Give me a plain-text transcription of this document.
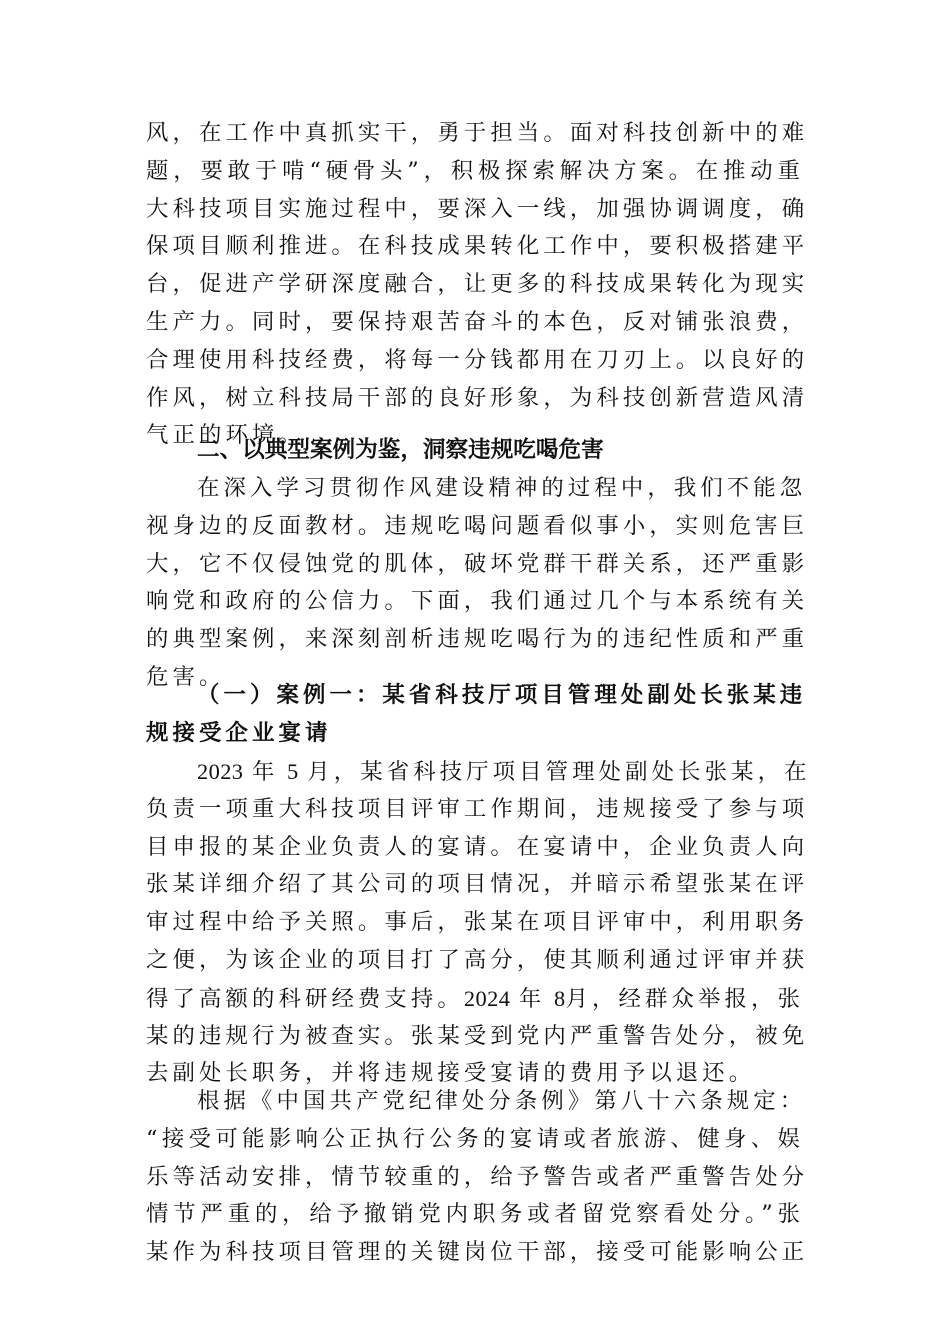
风，在工作中真抓实干，勇于担当。面对科技创新中的难
题，要敢于啃“硬骨头”，积极探索解决方案。在推动重
大科技项目实施过程中，要深入一线，加强协调调度，确
保项目顺利推进。在科技成果转化工作中，要积极搭建平
台，促进产学研深度融合，让更多的科技成果转化为现实
生产力。同时，要保持艰苦奋斗的本色，反对铺张浪费，
合理使用科技经费，将每一分钱都用在刀刃上。以良好的
作风，树立科技局干部的良好形象，为科技创新营造风清
气正的环境。
二、以典型案例为鉴，洞察违规吃喝危害
在深入学习贯彻作风建设精神的过程中，我们不能忽
视身边的反面教材。违规吃喝问题看似事小，实则危害巨
大，它不仅侵蚀党的肌体，破坏党群干群关系，还严重影
响党和政府的公信力。下面，我们通过几个与本系统有关
的典型案例，来深刻剖析违规吃喝行为的违纪性质和严重
危害。
（一）案例一：某省科技厅项目管理处副处长张某违
规接受企业宴请
2023  年  5  月，某省科技厅项目管理处副处长张某，在
负责一项重大科技项目评审工作期间，违规接受了参与项
目申报的某企业负责人的宴请。在宴请中，企业负责人向
张某详细介绍了其公司的项目情况，并暗示希望张某在评
审过程中给予关照。事后，张某在项目评审中，利用职务
之便，为该企业的项目打了高分，使其顺利通过评审并获
得了高额的科研经费支持。2024  年  8月，经群众举报，张
某的违规行为被查实。张某受到党内严重警告处分，被免
去副处长职务，并将违规接受宴请的费用予以退还。
根据《中国共产党纪律处分条例》第八十六条规定：
“接受可能影响公正执行公务的宴请或者旅游、健身、娱
乐等活动安排，情节较重的，给予警告或者严重警告处分
情节严重的，给予撤销党内职务或者留党察看处分。”张
某作为科技项目管理的关键岗位干部，接受可能影响公正
